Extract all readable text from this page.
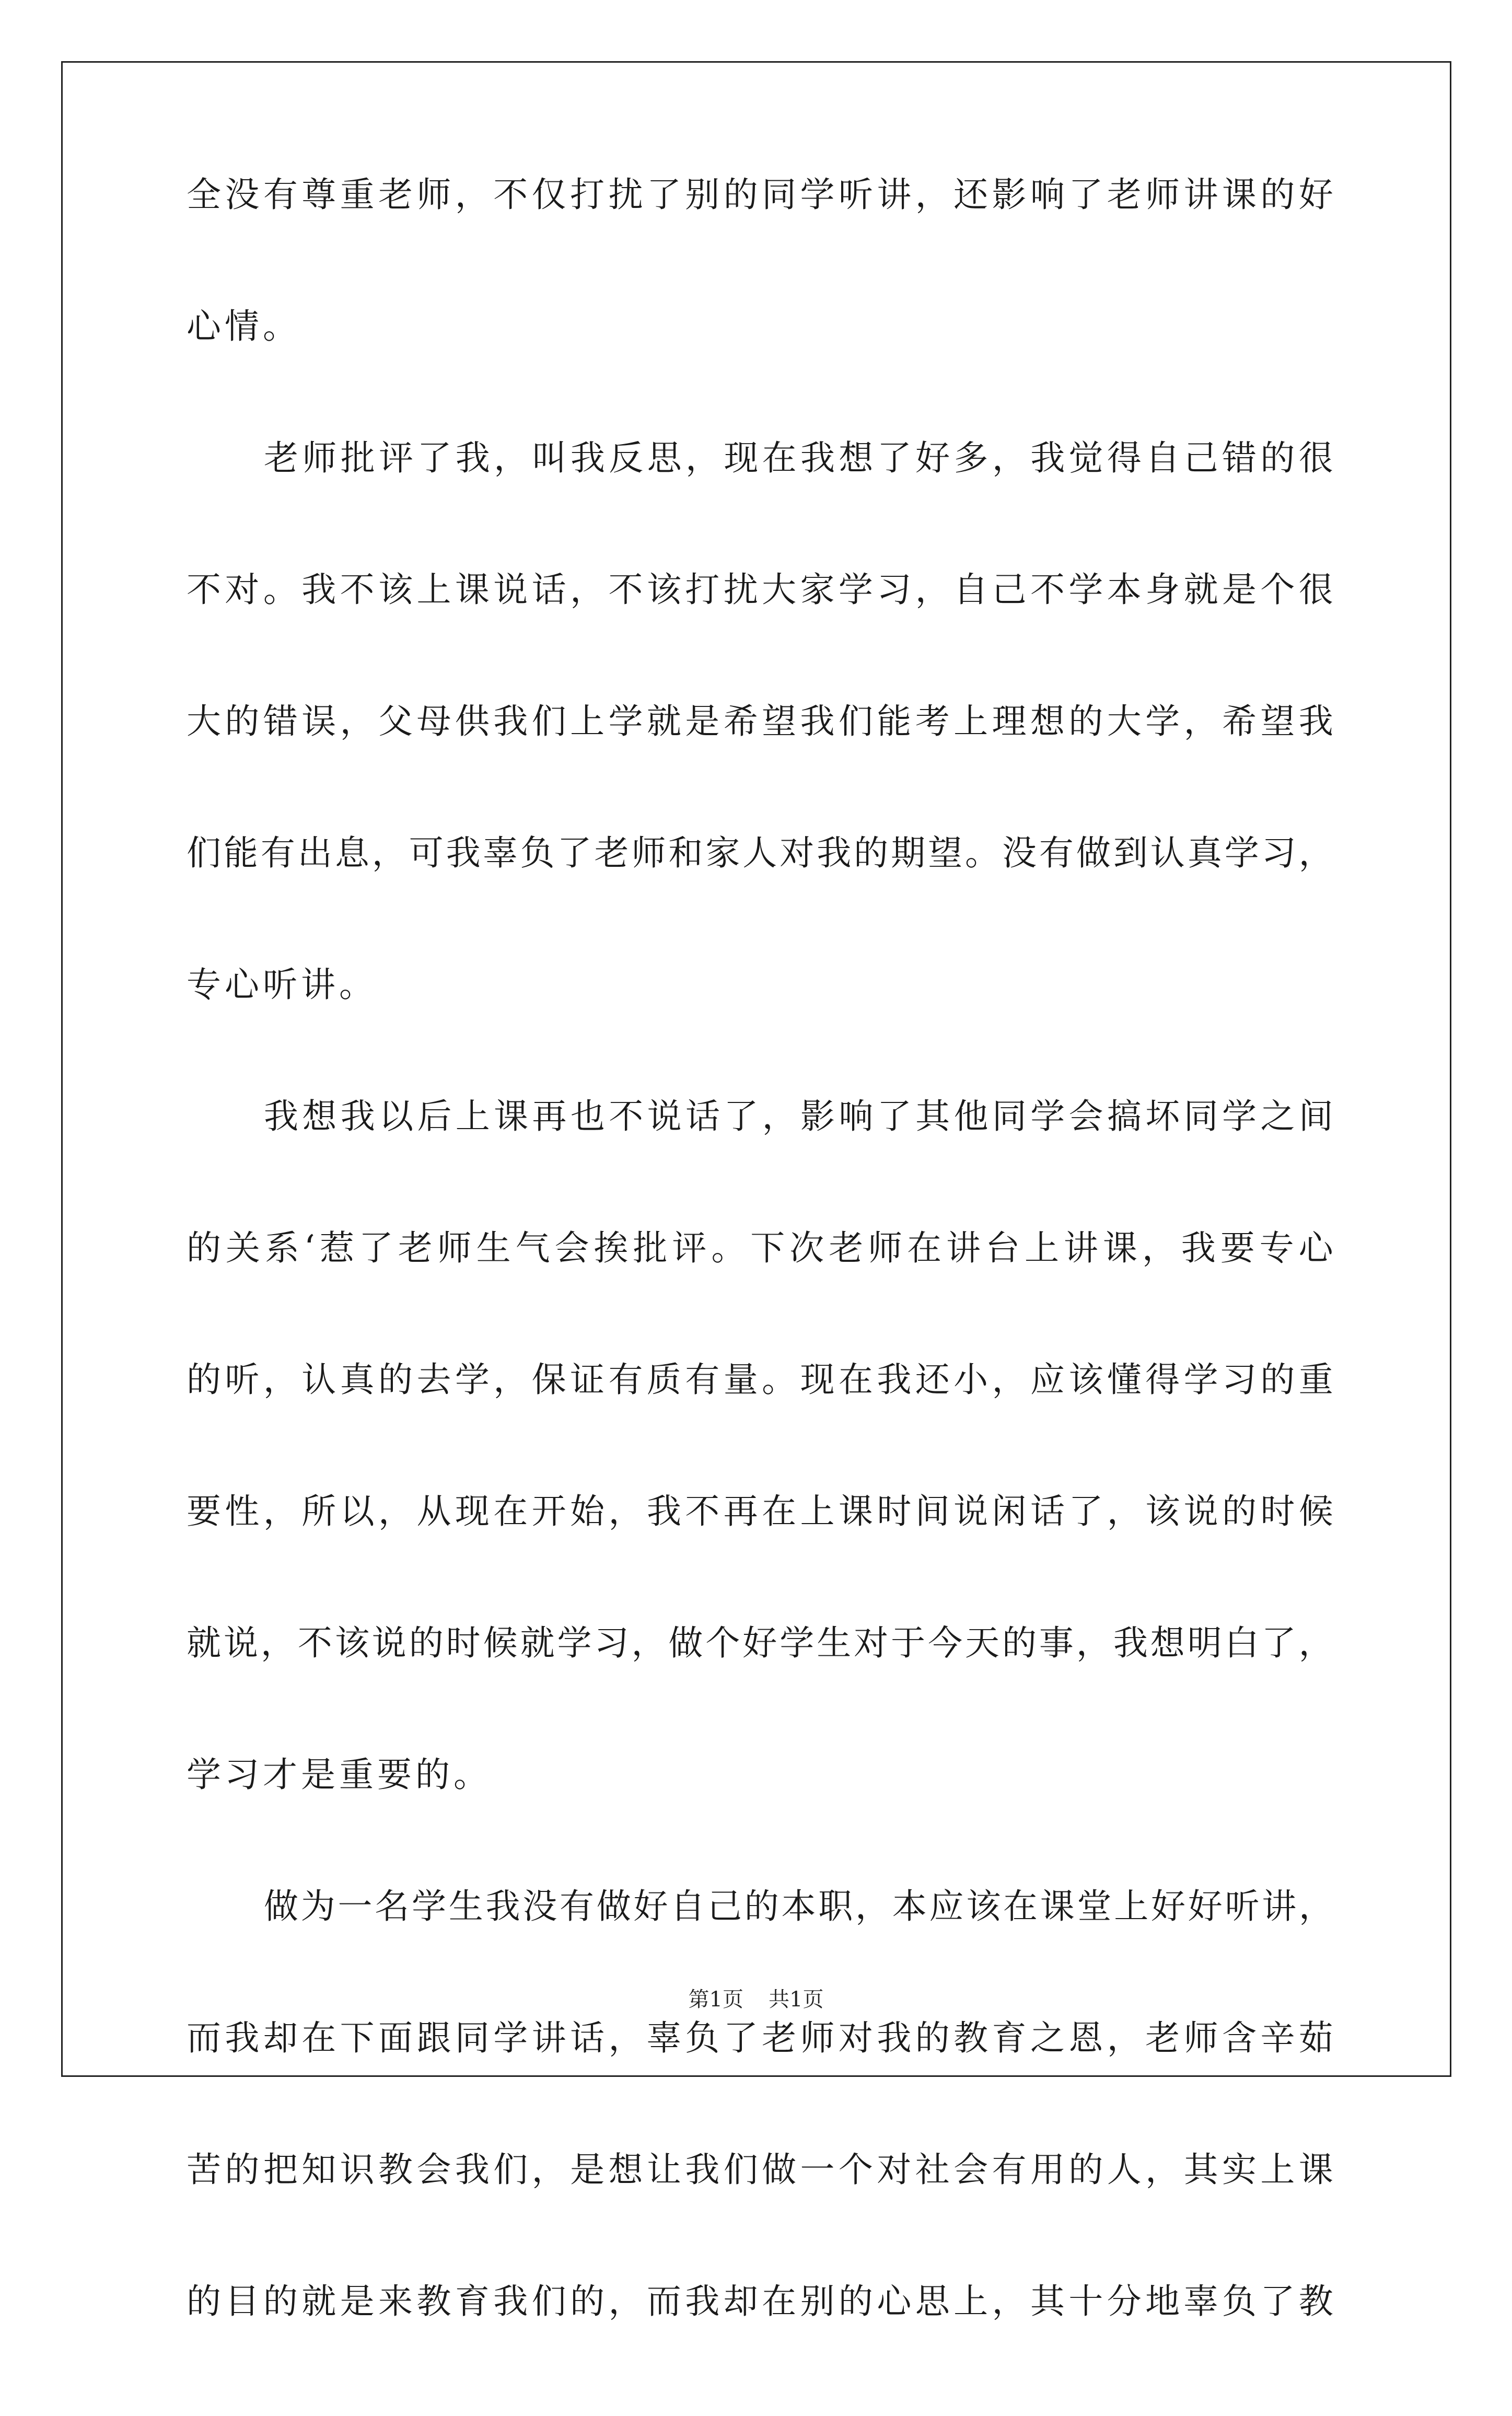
全 没 有 尊 重 老 师 ， 不 仅 打 扰 了 别 的 同 学 听 讲 ， 还 影 响 了 老 师 讲 课 的 好
心 情 。
老 师 批 评 了 我 ， 叫 我 反 思 ， 现 在 我 想 了 好 多 ， 我 觉 得 自 己 错 的 很
不 对 。 我 不 该 上 课 说 话 ， 不 该 打 扰 大 家 学 习 ， 自 己 不 学 本 身 就 是 个 很
大 的 错 误 ， 父 母 供 我 们 上 学 就 是 希 望 我 们 能 考 上 理 想 的 大 学 ， 希 望 我
们 能 有 出 息 ， 可 我 辜 负 了 老 师 和 家 人 对 我 的 期 望 。 没 有 做 到 认 真 学 习 ，
专 心 听 讲 。
我 想 我 以 后 上 课 再 也 不 说 话 了 ， 影 响 了 其 他 同 学 会 搞 坏 同 学 之 间
的 关 系 ‘ 惹 了 老 师 生 气 会 挨 批 评 。 下 次 老 师 在 讲 台 上 讲 课 ， 我 要 专 心
的 听 ， 认 真 的 去 学 ， 保 证 有 质 有 量 。 现 在 我 还 小 ， 应 该 懂 得 学 习 的 重
要 性 ， 所 以 ， 从 现 在 开 始 ， 我 不 再 在 上 课 时 间 说 闲 话 了 ， 该 说 的 时 候
就 说 ， 不 该 说 的 时 候 就 学 习 ， 做 个 好 学 生 对 于 今 天 的 事 ， 我 想 明 白 了 ，
学 习 才 是 重 要 的 。
做 为 一 名 学 生 我 没 有 做 好 自 己 的 本 职 ， 本 应 该 在 课 堂 上 好 好 听 讲 ，
而 我 却 在 下 面 跟 同 学 讲 话 ， 辜 负 了 老 师 对 我 的 教 育 之 恩 ， 老 师 含 辛 茹
苦 的 把 知 识 教 会 我 们 ， 是 想 让 我 们 做 一 个 对 社 会 有 用 的 人 ， 其 实 上 课
的 目 的 就 是 来 教 育 我 们 的 ， 而 我 却 在 别 的 心 思 上 ， 其 十 分 地 辜 负 了 教
第1页 共1页
